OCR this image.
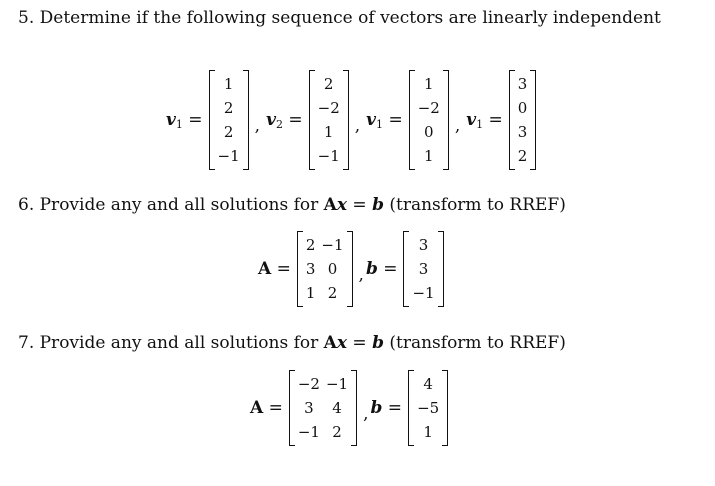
5. Determine if the following sequence of vectors are linearly independent
$v_1$ =
1
2
2
−1
, $v_2$ =
2
−2
1
−1
, $v_1$ =
1
−2
0
1
, $v_1$ =
3
0
3
2
6. Provide any and all solutions for Ax = b (transform to RREF)
A =
2	−1
3	0
1	2
, b =
3
3
−1
7. Provide any and all solutions for Ax = b (transform to RREF)
A =
−2	−1
3	4
−1	2
, b =
4
−5
1
